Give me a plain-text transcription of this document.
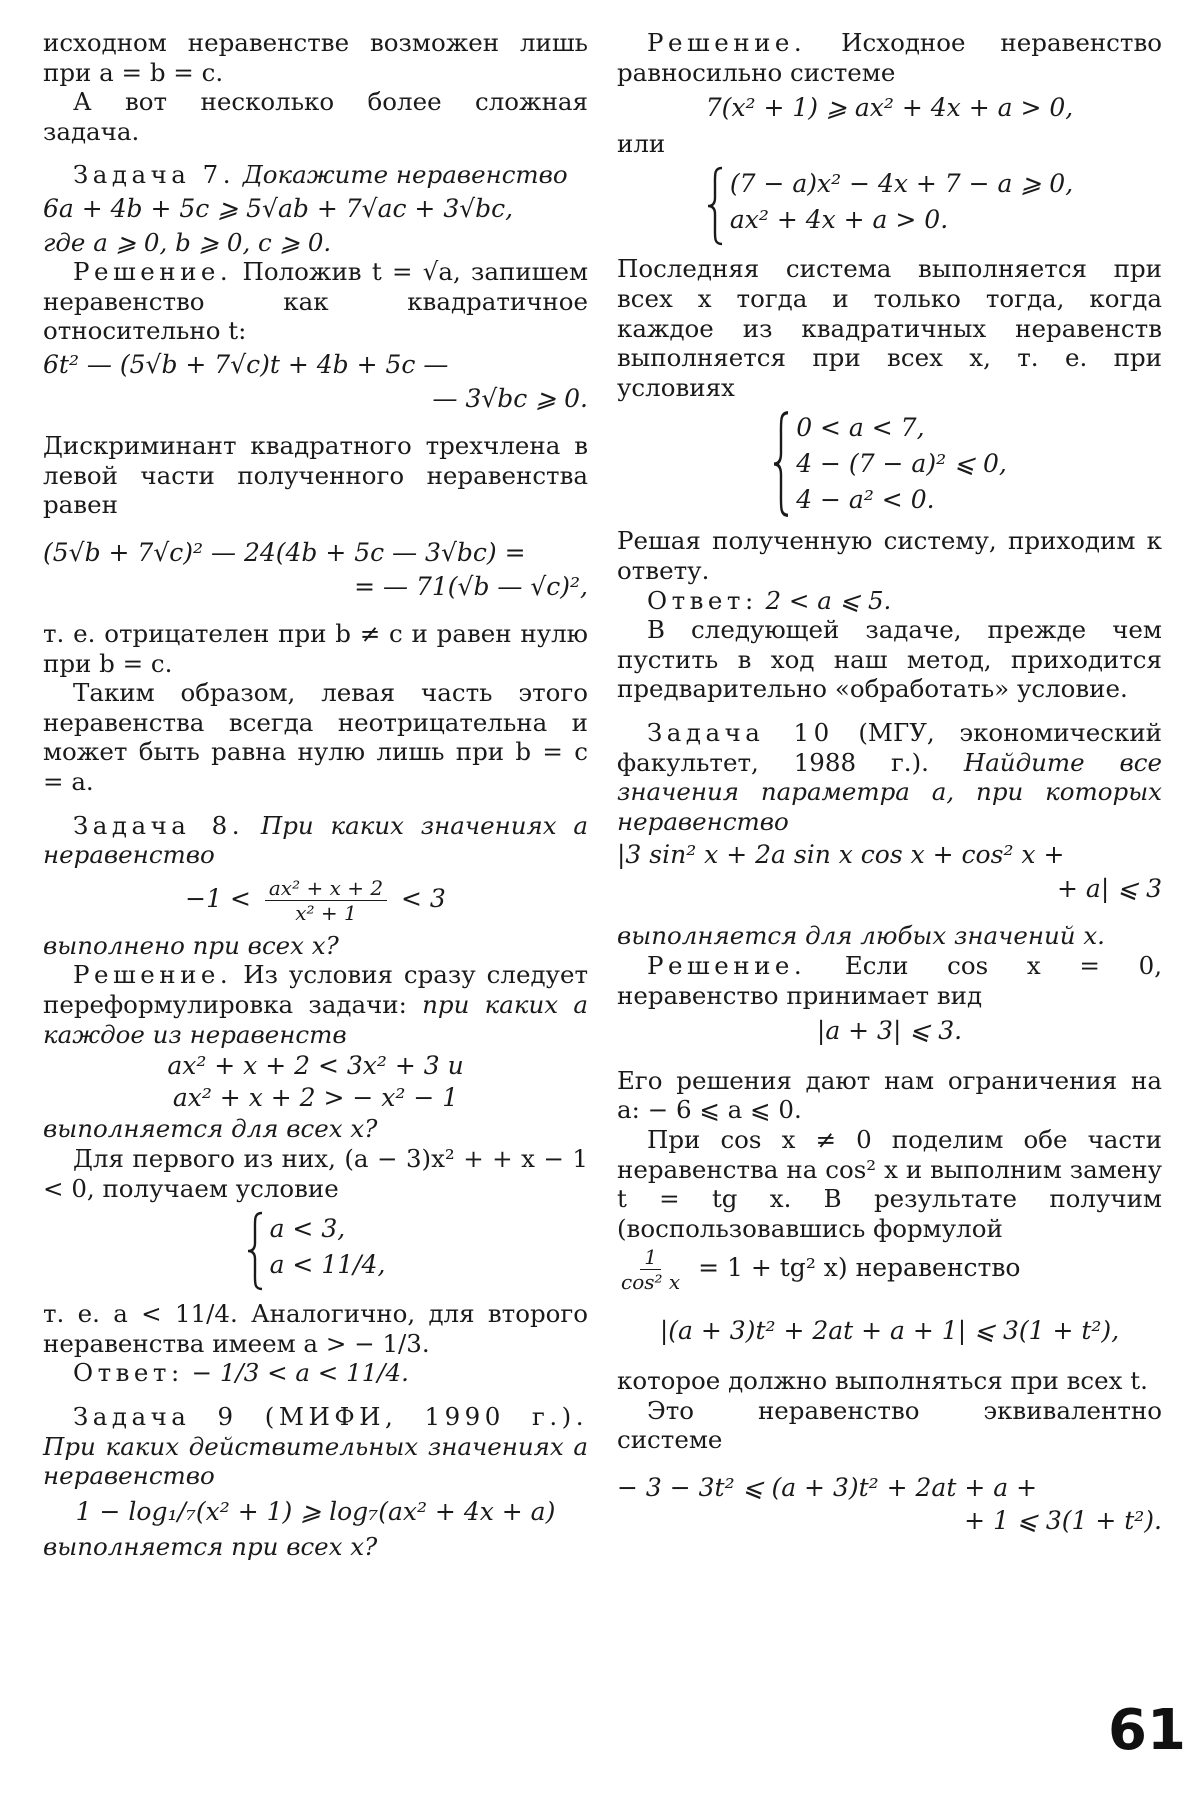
исходном неравенстве возможен лишь при a = b = c.

А вот несколько более сложная задача.

Задача 7. Докажите неравенство

6a + 4b + 5c ⩾ 5√ab + 7√ac + 3√bc,

где a ⩾ 0, b ⩾ 0, c ⩾ 0.

Решение. Положив t = √a, запишем неравенство как квадратичное относительно t:

6t² — (5√b + 7√c)t + 4b + 5c —
— 3√bc ⩾ 0.

Дискриминант квадратного трехчлена в левой части полученного неравенства равен

(5√b + 7√c)² — 24(4b + 5c — 3√bc) =
= — 71(√b — √c)²,

т. е. отрицателен при b ≠ c и равен нулю при b = c.

Таким образом, левая часть этого неравенства всегда неотрицательна и может быть равна нулю лишь при b = c = a.

Задача 8. При каких значениях a неравенство

$-1 < \frac{\text{ax² + x + 2}}{\text{x² + 1}} < 3$

выполнено при всех x?

Решение. Из условия сразу следует переформулировка задачи: при каких a каждое из неравенств

ax² + x + 2 < 3x² + 3 и
ax² + x + 2 > − x² − 1

выполняется для всех x?

Для первого из них, (a − 3)x² + + x − 1 < 0, получаем условие

a < 3,
a < 11/4,

т. е. a < 11/4. Аналогично, для второго неравенства имеем a > − 1/3.

Ответ: − 1/3 < a < 11/4.

Задача 9 (МИФИ, 1990 г.). При каких действительных значениях a неравенство

1 − log₁/₇(x² + 1) ⩾ log₇(ax² + 4x + a)

выполняется при всех x?

Решение. Исходное неравенство равносильно системе

7(x² + 1) ⩾ ax² + 4x + a > 0,

или

(7 − a)x² − 4x + 7 − a ⩾ 0,
ax² + 4x + a > 0.

Последняя система выполняется при всех x тогда и только тогда, когда каждое из квадратичных неравенств выполняется при всех x, т. е. при условиях

0 < a < 7,
4 − (7 − a)² ⩽ 0,
4 − a² < 0.

Решая полученную систему, приходим к ответу.

Ответ: 2 < a ⩽ 5.

В следующей задаче, прежде чем пустить в ход наш метод, приходится предварительно «обработать» условие.

Задача 10 (МГУ, экономический факультет, 1988 г.). Найдите все значения параметра a, при которых неравенство

|3 sin² x + 2a sin x cos x + cos² x +
+ a| ⩽ 3

выполняется для любых значений x.

Решение. Если cos x = 0, неравенство принимает вид

|a + 3| ⩽ 3.

Его решения дают нам ограничения на a: − 6 ⩽ a ⩽ 0.

При cos x ≠ 0 поделим обе части неравенства на cos² x и выполним замену t = tg x. В результате получим (воспользовавшись формулой

$\frac{1}{\text{cos² x}} = 1 + tg^2$ x) неравенство
|(a + 3)t² + 2at + a + 1| ⩽ 3(1 + t²),

которое должно выполняться при всех t.

Это неравенство эквивалентно системе

− 3 − 3t² ⩽ (a + 3)t² + 2at + a +
+ 1 ⩽ 3(1 + t²).
61
